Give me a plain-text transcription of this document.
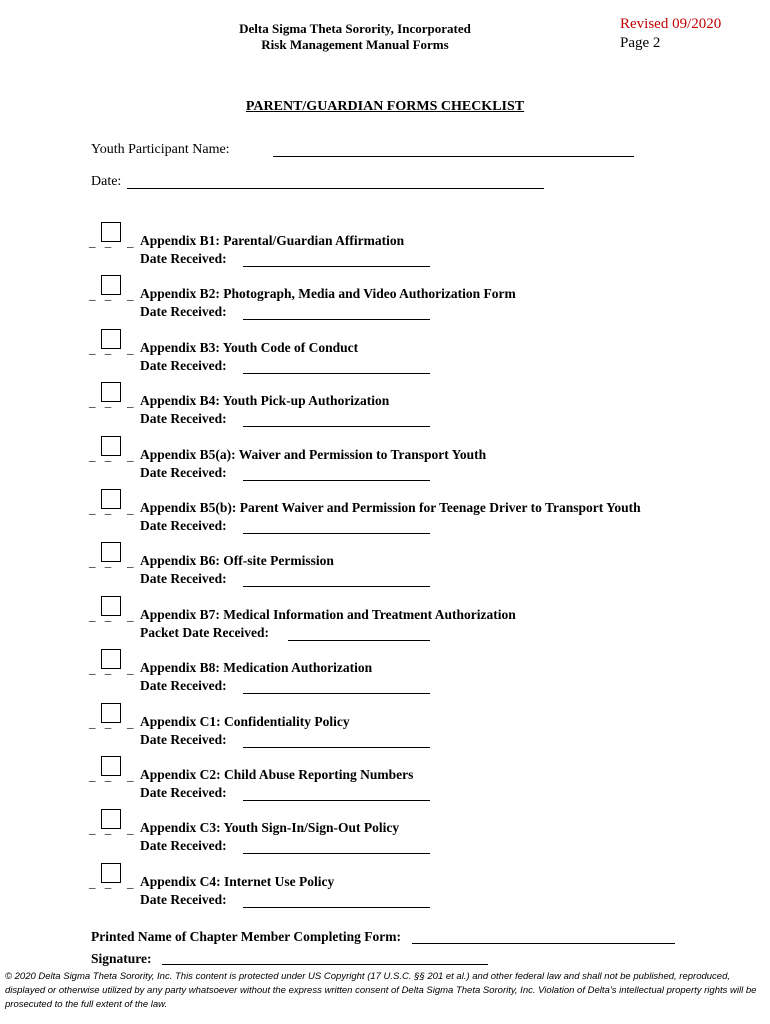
Delta Sigma Theta Sorority, Incorporated
Risk Management Manual Forms
Revised 09/2020
Page 2
PARENT/GUARDIAN FORMS CHECKLIST
Youth Participant Name:
Date:
_ _ _ Appendix B1: Parental/Guardian Affirmation
Date Received:
_ _ _ Appendix B2: Photograph, Media and Video Authorization Form
Date Received:
_ _ _ Appendix B3: Youth Code of Conduct
Date Received:
_ _ _ Appendix B4: Youth Pick-up Authorization
Date Received:
_ _ _ Appendix B5(a): Waiver and Permission to Transport Youth
Date Received:
_ _ _ Appendix B5(b): Parent Waiver and Permission for Teenage Driver to Transport Youth
Date Received:
_ _ _ Appendix B6: Off-site Permission
Date Received:
_ _ _ Appendix B7: Medical Information and Treatment Authorization
Packet Date Received:
_ _ _ Appendix B8: Medication Authorization
Date Received:
_ _ _ Appendix C1: Confidentiality Policy
Date Received:
_ _ _ Appendix C2: Child Abuse Reporting Numbers
Date Received:
_ _ _ Appendix C3: Youth Sign-In/Sign-Out Policy
Date Received:
_ _ _ Appendix C4: Internet Use Policy
Date Received:
Printed Name of Chapter Member Completing Form:
Signature:
© 2020 Delta Sigma Theta Sorority, Inc. This content is protected under US Copyright (17 U.S.C. §§ 201 et al.) and other federal law and shall not be published, reproduced, displayed or otherwise utilized by any party whatsoever without the express written consent of Delta Sigma Theta Sorority, Inc. Violation of Delta’s intellectual property rights will be prosecuted to the full extent of the law.
